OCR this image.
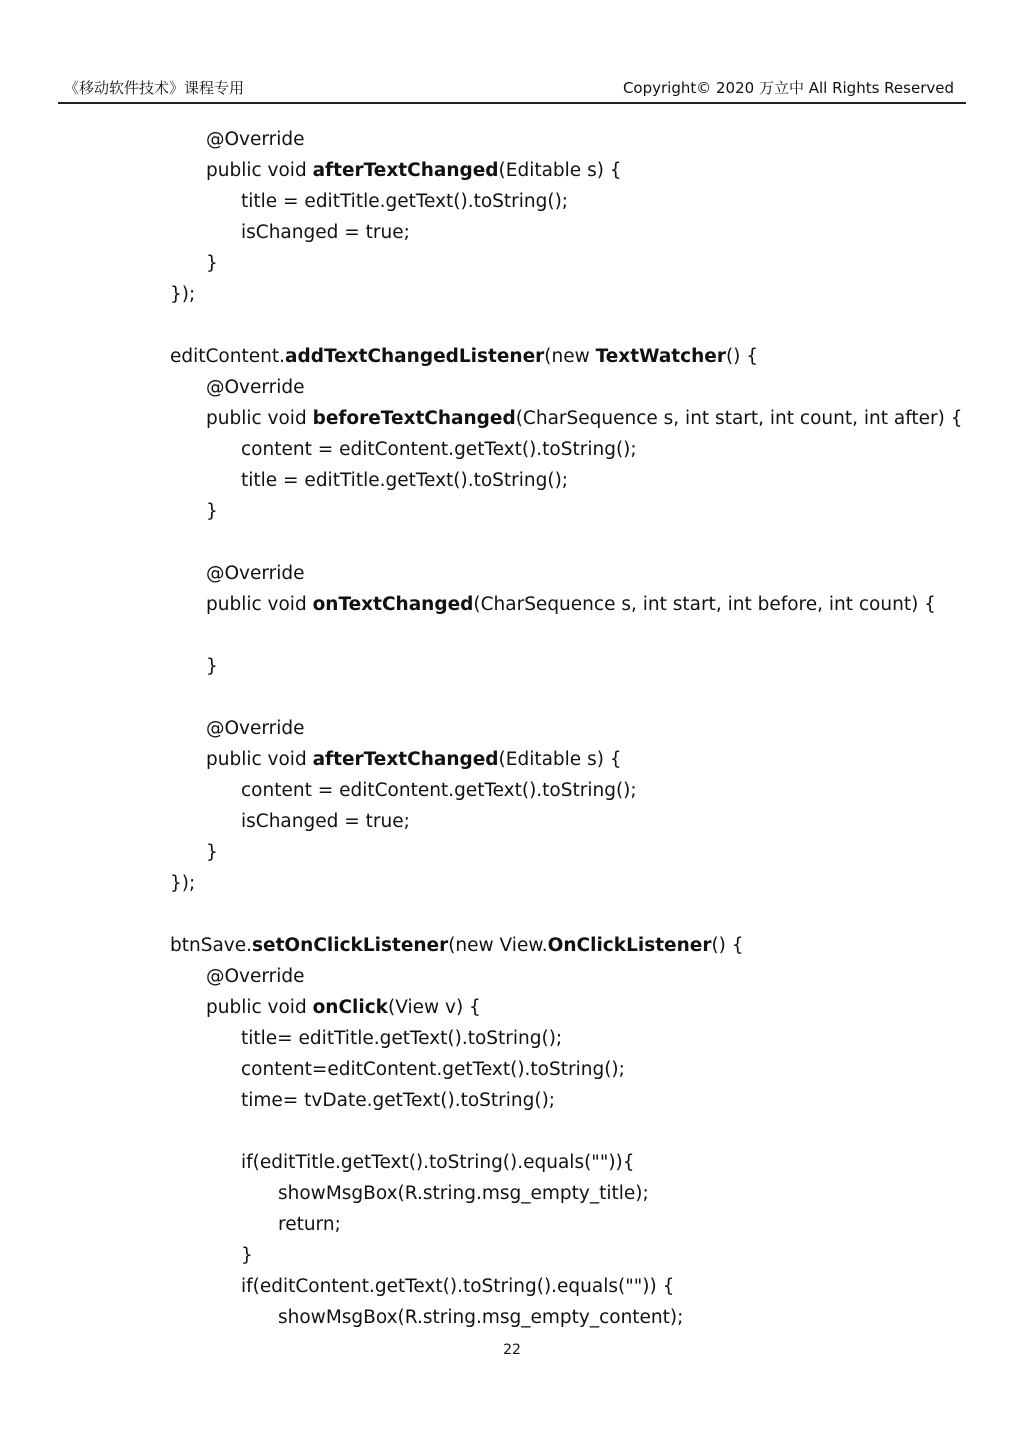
《移动软件技术》课程专用	Copyright© 2020 万立中 All Rights Reserved
@Override
public void afterTextChanged(Editable s) {
title = editTitle.getText().toString();
isChanged = true;
}
});
editContent.addTextChangedListener(new TextWatcher() {
@Override
public void beforeTextChanged(CharSequence s, int start, int count, int after) {
content = editContent.getText().toString();
title = editTitle.getText().toString();
}
@Override
public void onTextChanged(CharSequence s, int start, int before, int count) {
}
@Override
public void afterTextChanged(Editable s) {
content = editContent.getText().toString();
isChanged = true;
}
});
btnSave.setOnClickListener(new View.OnClickListener() {
@Override
public void onClick(View v) {
title= editTitle.getText().toString();
content=editContent.getText().toString();
time= tvDate.getText().toString();
if(editTitle.getText().toString().equals("")){
showMsgBox(R.string.msg_empty_title);
return;
}
if(editContent.getText().toString().equals("")) {
showMsgBox(R.string.msg_empty_content);
22
